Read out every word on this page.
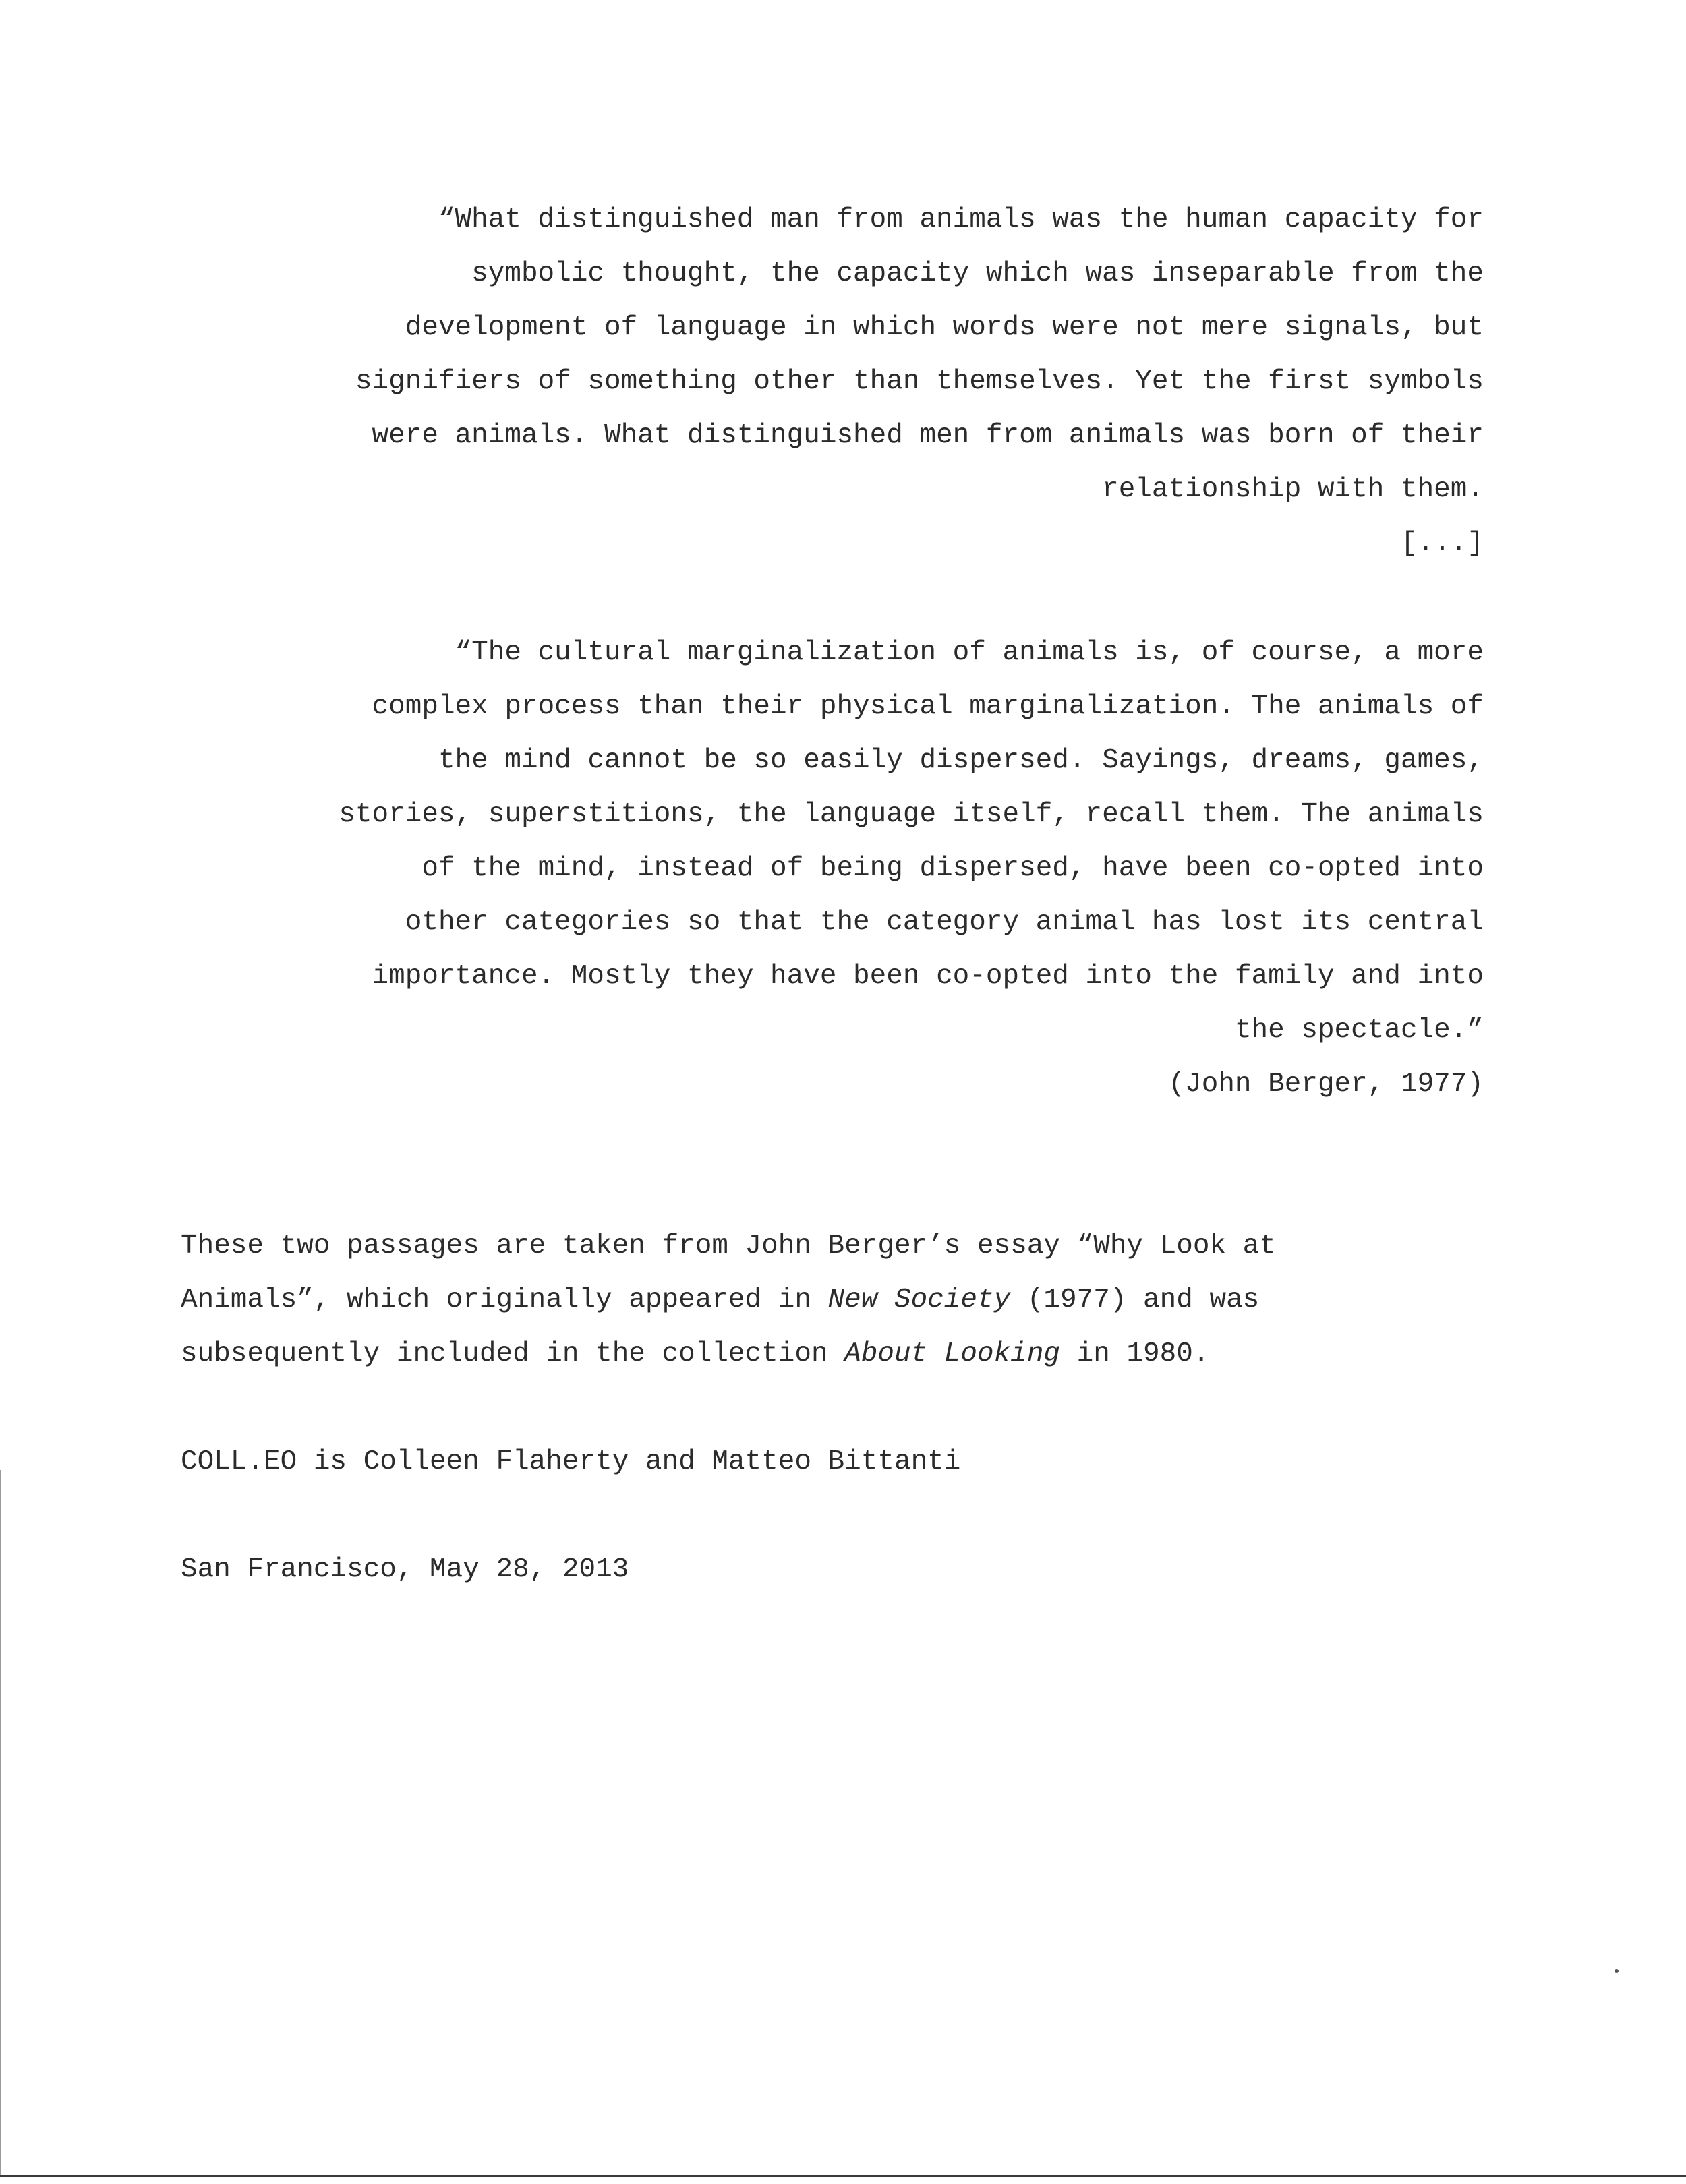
“What distinguished man from animals was the human capacity for
symbolic thought, the capacity which was inseparable from the
development of language in which words were not mere signals, but
signifiers of something other than themselves. Yet the first symbols
were animals. What distinguished men from animals was born of their
relationship with them.
[...]
“The cultural marginalization of animals is, of course, a more
complex process than their physical marginalization. The animals of
the mind cannot be so easily dispersed. Sayings, dreams, games,
stories, superstitions, the language itself, recall them. The animals
of the mind, instead of being dispersed, have been co-opted into
other categories so that the category animal has lost its central
importance. Mostly they have been co-opted into the family and into
the spectacle.”
(John Berger, 1977)
These two passages are taken from John Berger’s essay “Why Look at
Animals”, which originally appeared in New Society (1977) and was
subsequently included in the collection About Looking in 1980.
COLL.EO is Colleen Flaherty and Matteo Bittanti
San Francisco, May 28, 2013
